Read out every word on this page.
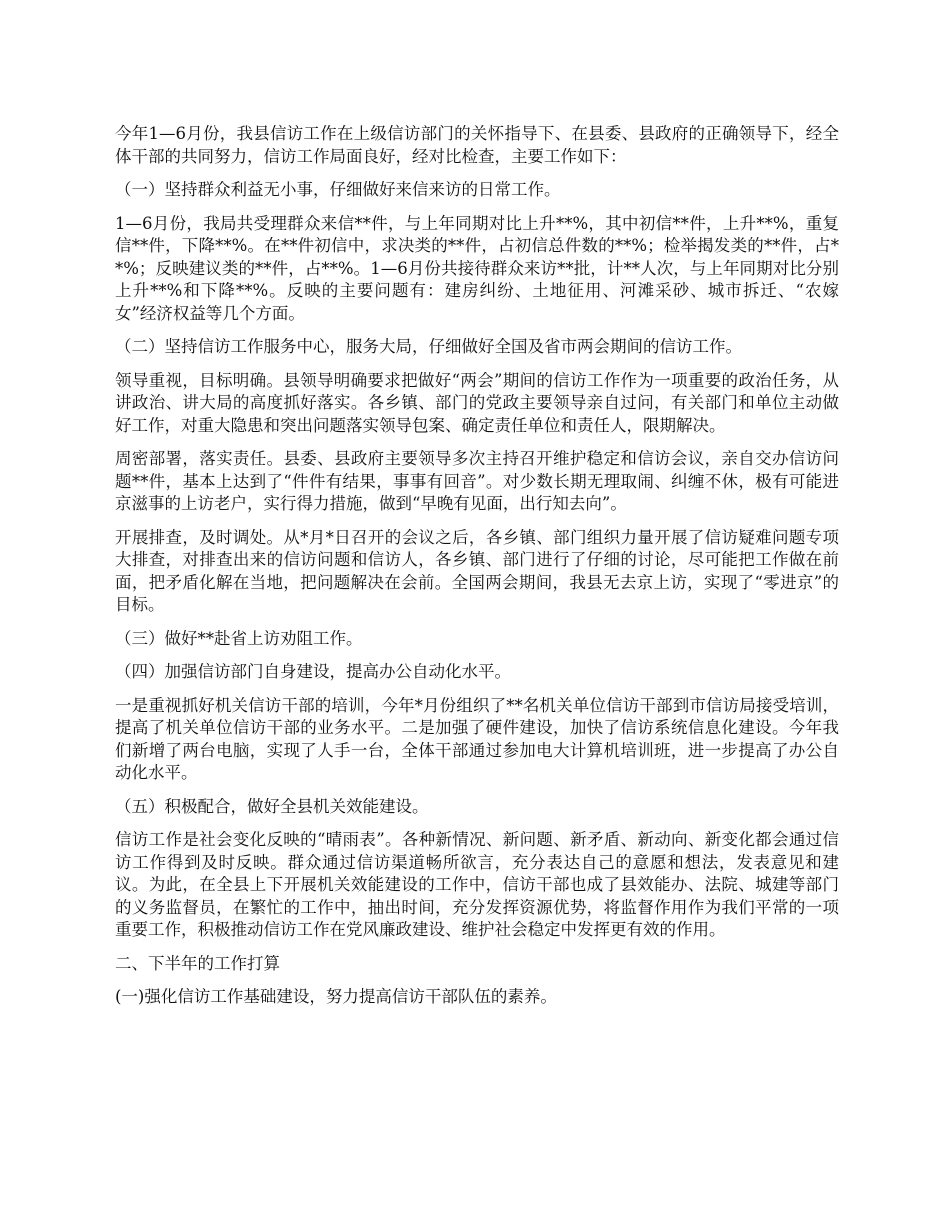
今年1—6月份，我县信访工作在上级信访部门的关怀指导下、在县委、县政府的正确领导下，经全体干部的共同努力，信访工作局面良好，经对比检查，主要工作如下：

（一）坚持群众利益无小事，仔细做好来信来访的日常工作。

1—6月份，我局共受理群众来信**件，与上年同期对比上升**%，其中初信**件，上升**%，重复信**件，下降**%。在**件初信中，求决类的**件，占初信总件数的**%；检举揭发类的**件，占**%；反映建议类的**件，占**%。1—6月份共接待群众来访**批，计**人次，与上年同期对比分别上升**%和下降**%。反映的主要问题有：建房纠纷、土地征用、河滩采砂、城市拆迁、“农嫁女”经济权益等几个方面。

（二）坚持信访工作服务中心，服务大局，仔细做好全国及省市两会期间的信访工作。

领导重视，目标明确。县领导明确要求把做好“两会”期间的信访工作作为一项重要的政治任务，从讲政治、讲大局的高度抓好落实。各乡镇、部门的党政主要领导亲自过问，有关部门和单位主动做好工作，对重大隐患和突出问题落实领导包案、确定责任单位和责任人，限期解决。

周密部署，落实责任。县委、县政府主要领导多次主持召开维护稳定和信访会议，亲自交办信访问题**件，基本上达到了“件件有结果，事事有回音”。对少数长期无理取闹、纠缠不休，极有可能进京滋事的上访老户，实行得力措施，做到“早晚有见面，出行知去向”。

开展排查，及时调处。从*月*日召开的会议之后，各乡镇、部门组织力量开展了信访疑难问题专项大排查，对排查出来的信访问题和信访人，各乡镇、部门进行了仔细的讨论，尽可能把工作做在前面，把矛盾化解在当地，把问题解决在会前。全国两会期间，我县无去京上访，实现了“零进京”的目标。

（三）做好**赴省上访劝阻工作。

（四）加强信访部门自身建设，提高办公自动化水平。

一是重视抓好机关信访干部的培训，今年*月份组织了**名机关单位信访干部到市信访局接受培训，提高了机关单位信访干部的业务水平。二是加强了硬件建设，加快了信访系统信息化建设。今年我们新增了两台电脑，实现了人手一台，全体干部通过参加电大计算机培训班，进一步提高了办公自动化水平。

（五）积极配合，做好全县机关效能建设。

信访工作是社会变化反映的“晴雨表”。各种新情况、新问题、新矛盾、新动向、新变化都会通过信访工作得到及时反映。群众通过信访渠道畅所欲言，充分表达自己的意愿和想法，发表意见和建议。为此，在全县上下开展机关效能建设的工作中，信访干部也成了县效能办、法院、城建等部门的义务监督员，在繁忙的工作中，抽出时间，充分发挥资源优势，将监督作用作为我们平常的一项重要工作，积极推动信访工作在党风廉政建设、维护社会稳定中发挥更有效的作用。

二、下半年的工作打算

(一)强化信访工作基础建设，努力提高信访干部队伍的素养。
